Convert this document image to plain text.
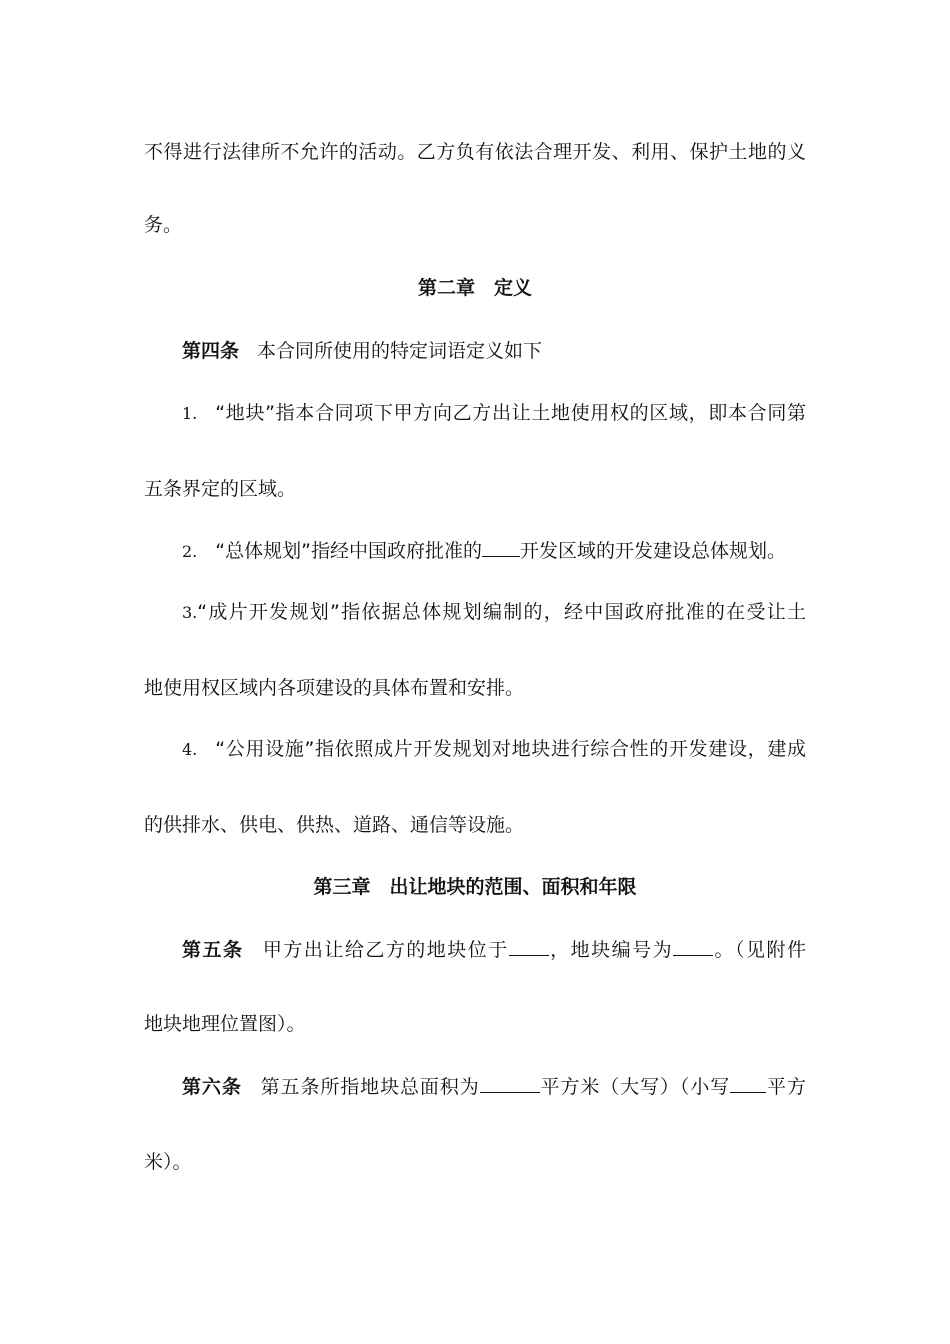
不得进行法律所不允许的活动。乙方负有依法合理开发、利用、保护土地的义
务。
第二章　定义
第四条 本合同所使用的特定词语定义如下
1. “地块”指本合同项下甲方向乙方出让土地使用权的区域，即本合同第
五条界定的区域。
2. “总体规划”指经中国政府批准的 开发区域的开发建设总体规划。
3.“成片开发规划”指依据总体规划编制的，经中国政府批准的在受让土
地使用权区域内各项建设的具体布置和安排。
4. “公用设施”指依照成片开发规划对地块进行综合性的开发建设，建成
的供排水、供电、供热、道路、通信等设施。
第三章　出让地块的范围、面积和年限
第五条 甲方出让给乙方的地块位于 ，地块编号为 。（见附件
地块地理位置图）。
第六条 第五条所指地块总面积为	平方米（大写）（小写 平方
米）。
